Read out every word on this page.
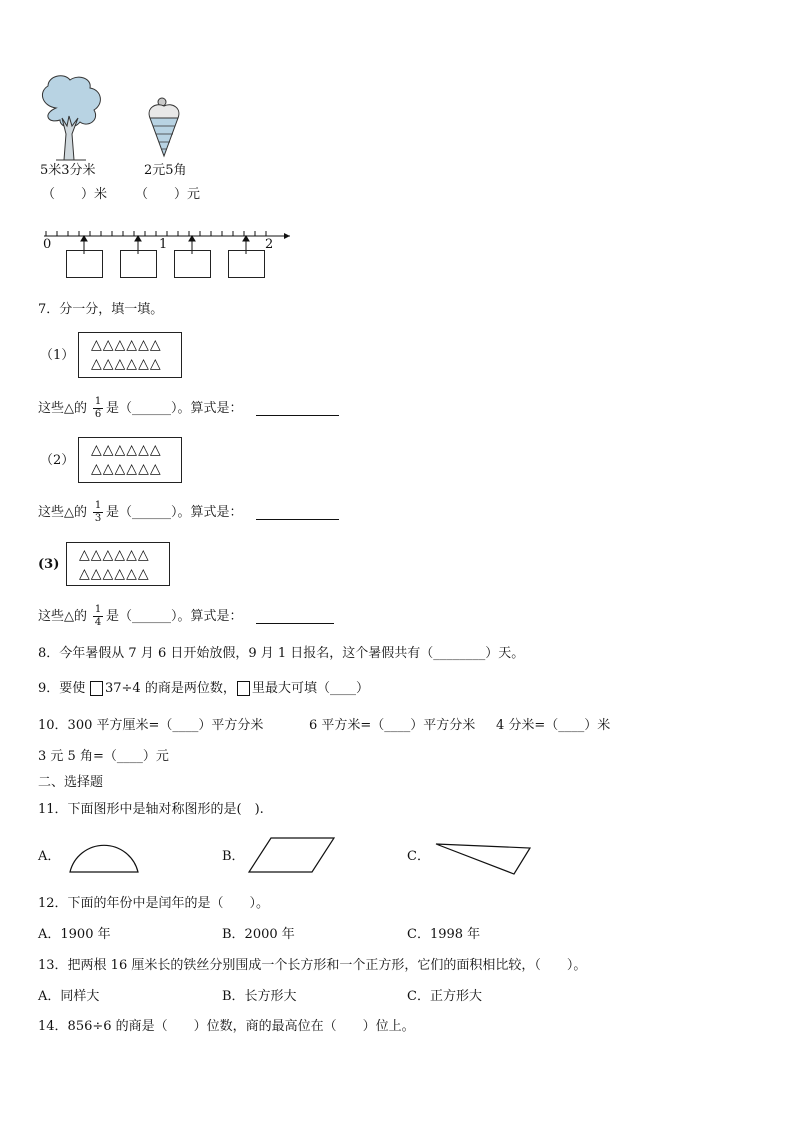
5米3分米	2元5角
（　　）米 （　　）元
0	1	2
7．分一分，填一填。
（1）
△△△△△△
△△△△△△
这些△的 1
6 是（______）。算式是：
（2）
△△△△△△
△△△△△△
这些△的 1
3 是（______）。算式是：
(3)
△△△△△△
△△△△△△
这些△的 1
4 是（______）。算式是：
8．今年暑假从 7 月 6 日开始放假，9 月 1 日报名，这个暑假共有（________）天。
9．要使 37÷4 的商是两位数， 里最大可填（____）
10．300 平方厘米=（____）平方分米	6 平方米=（____）平方分米 4 分米=（____）米
3 元 5 角=（____）元
二、选择题
11．下面图形中是轴对称图形的是(　).
A．	B．	C．
12．下面的年份中是闰年的是（　　）。
A．1900 年	B．2000 年	C．1998 年
13．把两根 16 厘米长的铁丝分别围成一个长方形和一个正方形，它们的面积相比较，（　　）。
A．同样大	B．长方形大	C．正方形大
14．856÷6 的商是（　　）位数，商的最高位在（　　）位上。
